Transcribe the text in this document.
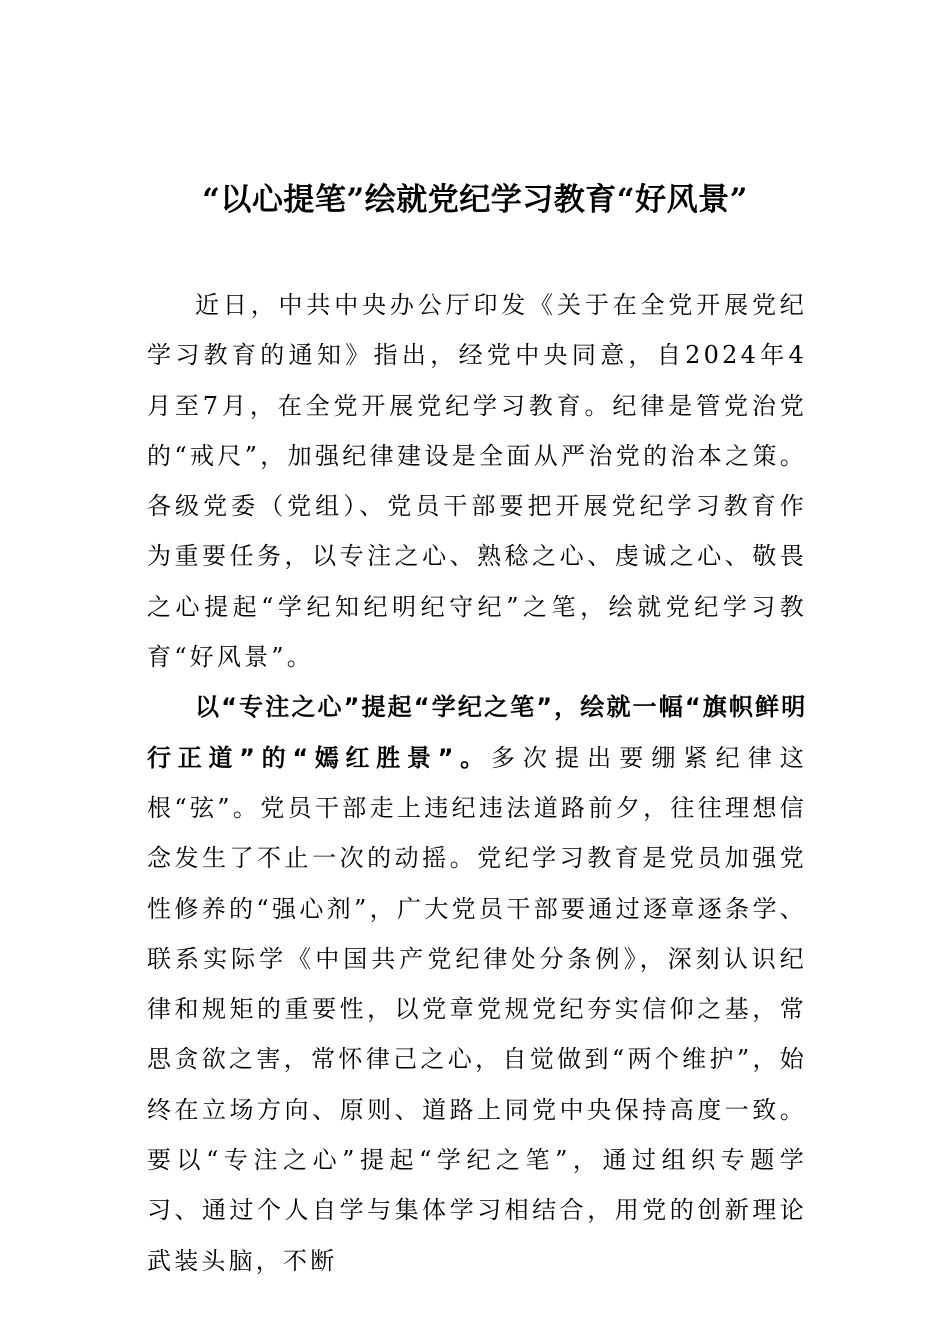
“以心提笔”绘就党纪学习教育“好风景”

近日，中共中央办公厅印发《关于在全党开展党纪学习教育的通知》指出，经党中央同意，自2024年4月至7月，在全党开展党纪学习教育。纪律是管党治党的“戒尺”，加强纪律建设是全面从严治党的治本之策。各级党委（党组）、党员干部要把开展党纪学习教育作为重要任务，以专注之心、熟稔之心、虔诚之心、敬畏之心提起“学纪知纪明纪守纪”之笔，绘就党纪学习教育“好风景”。

以“专注之心”提起“学纪之笔”，绘就一幅“旗帜鲜明行正道”的“嫣红胜景”。多次提出要绷紧纪律这根“弦”。党员干部走上违纪违法道路前夕，往往理想信念发生了不止一次的动摇。党纪学习教育是党员加强党性修养的“强心剂”，广大党员干部要通过逐章逐条学、联系实际学《中国共产党纪律处分条例》，深刻认识纪律和规矩的重要性，以党章党规党纪夯实信仰之基，常思贪欲之害，常怀律己之心，自觉做到“两个维护”，始终在立场方向、原则、道路上同党中央保持高度一致。要以“专注之心”提起“学纪之笔”，通过组织专题学习、通过个人自学与集体学习相结合，用党的创新理论武装头脑，不断
